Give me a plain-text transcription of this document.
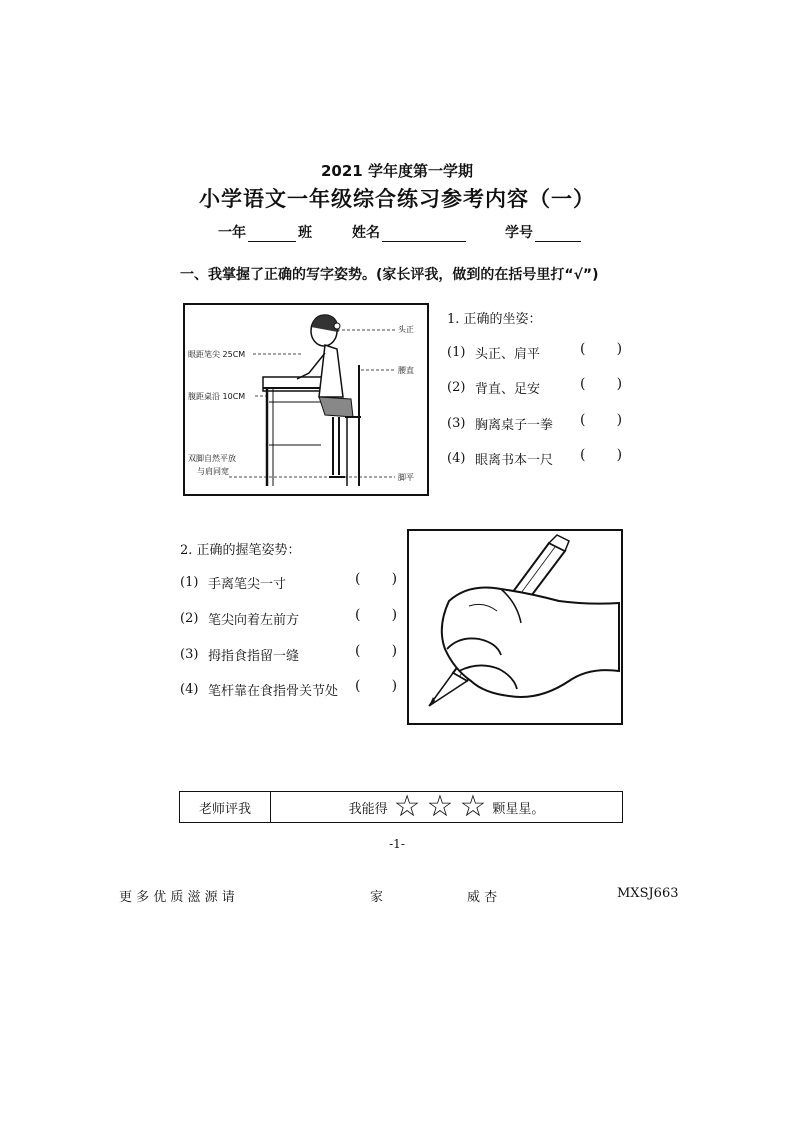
2021 学年度第一学期
小学语文一年级综合练习参考内容（一）
一年	班	姓名	学号
一、我掌握了正确的写字姿势。(家长评我，做到的在括号里打“√”)
头正
眼距笔尖 25CM
腰直
腹距桌沿 10CM
双脚自然平放
与肩同宽
脚平
1. 正确的坐姿：
(1) 头正、肩平	(       )
(2) 背直、足安	(       )
(3) 胸离桌子一拳 (       )
(4) 眼离书本一尺 (       )
2. 正确的握笔姿势：
(1) 手离笔尖一寸	(       )
(2) 笔尖向着左前方	(       )
(3) 拇指食指留一缝	(       )
(4) 笔杆靠在食指骨关节处 (       )
老师评我	我能得 ☆ ☆ ☆ 颗星星。
-1-
更 多 优 质 滋 源 请	家	威 杏	MXSJ663
